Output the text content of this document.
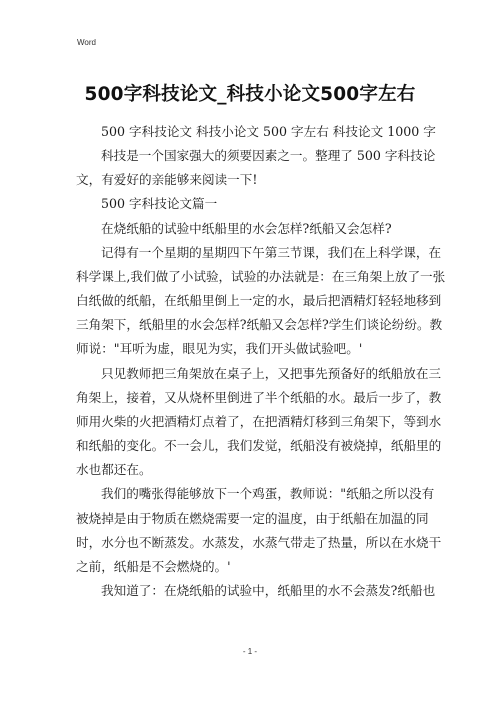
Word
500字科技论文_科技小论文500字左右
500 字科技论文 科技小论文 500 字左右 科技论文 1000 字
科技是一个国家强大的须要因素之一。整理了 500 字科技论
文，有爱好的亲能够来阅读一下!
500 字科技论文篇一
在烧纸船的试验中纸船里的水会怎样?纸船又会怎样?
记得有一个星期的星期四下午第三节课，我们在上科学课，在
科学课上,我们做了小试验，试验的办法就是：在三角架上放了一张
白纸做的纸船，在纸船里倒上一定的水，最后把酒精灯轻轻地移到
三角架下，纸船里的水会怎样?纸船又会怎样?学生们谈论纷纷。教
师说："耳听为虚，眼见为实，我们开头做试验吧。'
只见教师把三角架放在桌子上，又把事先预备好的纸船放在三
角架上，接着，又从烧杯里倒进了半个纸船的水。最后一步了，教
师用火柴的火把酒精灯点着了，在把酒精灯移到三角架下，等到水
和纸船的变化。不一会儿，我们发觉，纸船没有被烧掉，纸船里的
水也都还在。
我们的嘴张得能够放下一个鸡蛋，教师说："纸船之所以没有
被烧掉是由于物质在燃烧需要一定的温度，由于纸船在加温的同
时，水分也不断蒸发。水蒸发，水蒸气带走了热量，所以在水烧干
之前，纸船是不会燃烧的。'
我知道了：在烧纸船的试验中，纸船里的水不会蒸发?纸船也
- 1 -
